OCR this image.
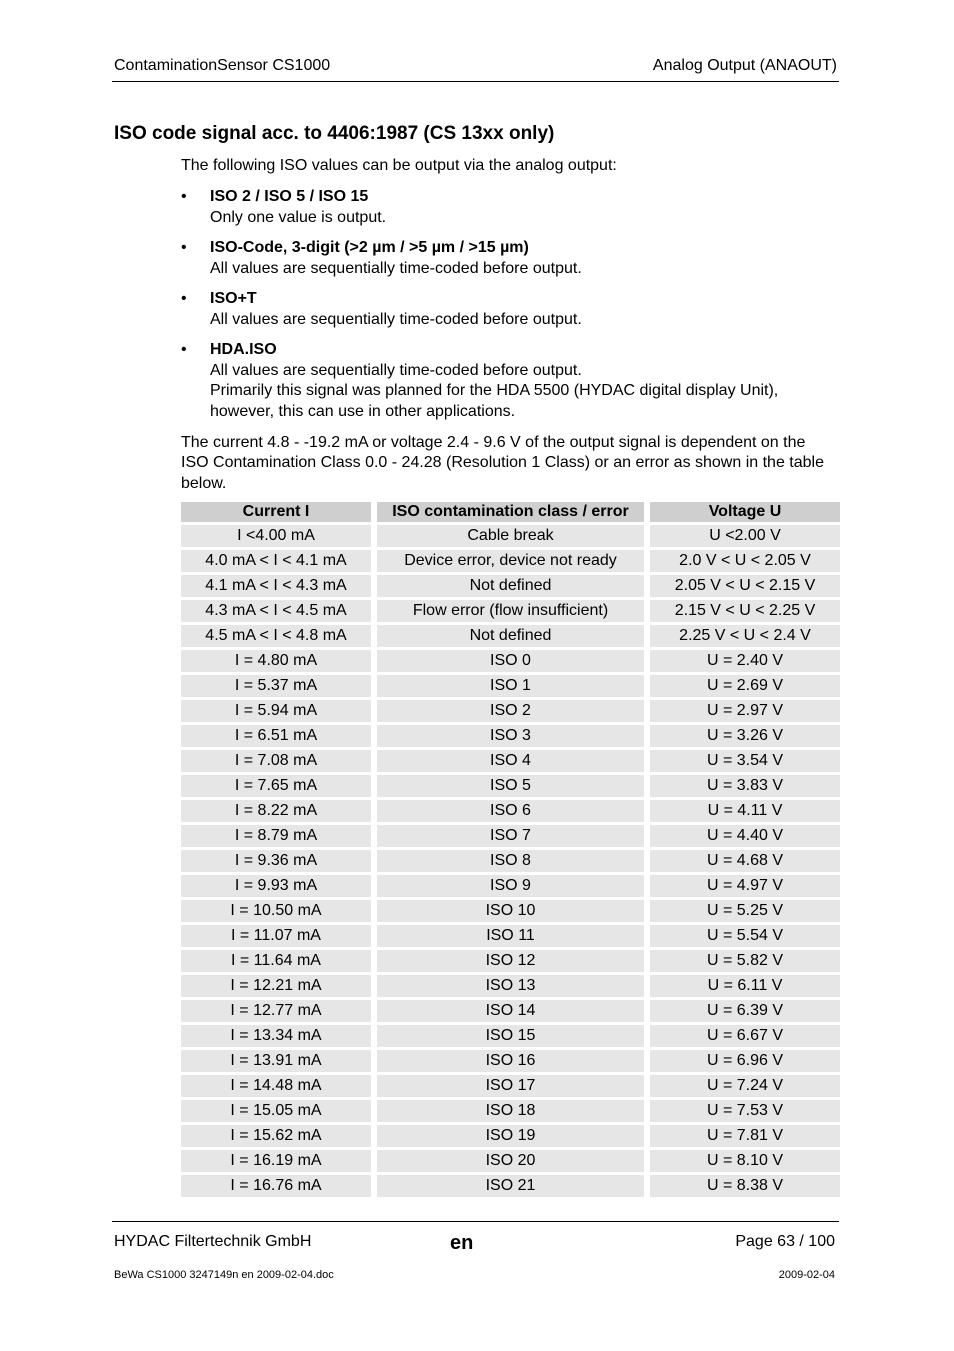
ContaminationSensor CS1000	Analog Output (ANAOUT)
ISO code signal acc. to 4406:1987 (CS 13xx only)
The following ISO values can be output via the analog output:
• ISO 2 / ISO 5 / ISO 15
Only one value is output.
• ISO-Code, 3-digit (>2 µm / >5 µm / >15 µm)
All values are sequentially time-coded before output.
• ISO+T
All values are sequentially time-coded before output.
• HDA.ISO
All values are sequentially time-coded before output.
Primarily this signal was planned for the HDA 5500 (HYDAC digital display Unit), however, this can use in other applications.
The current 4.8 - -19.2 mA or voltage 2.4 - 9.6 V of the output signal is dependent on the ISO Contamination Class 0.0 - 24.28 (Resolution 1 Class) or an error as shown in the table below.
Current I	ISO contamination class / error	Voltage U
I <4.00 mA	Cable break	U <2.00 V
4.0 mA < I < 4.1 mA	Device error, device not ready	2.0 V < U < 2.05 V
4.1 mA < I < 4.3 mA	Not defined	2.05 V < U < 2.15 V
4.3 mA < I < 4.5 mA	Flow error (flow insufficient)	2.15 V < U < 2.25 V
4.5 mA < I < 4.8 mA	Not defined	2.25 V < U < 2.4 V
I = 4.80 mA	ISO 0	U = 2.40 V
I = 5.37 mA	ISO 1	U = 2.69 V
I = 5.94 mA	ISO 2	U = 2.97 V
I = 6.51 mA	ISO 3	U = 3.26 V
I = 7.08 mA	ISO 4	U = 3.54 V
I = 7.65 mA	ISO 5	U = 3.83 V
I = 8.22 mA	ISO 6	U = 4.11 V
I = 8.79 mA	ISO 7	U = 4.40 V
I = 9.36 mA	ISO 8	U = 4.68 V
I = 9.93 mA	ISO 9	U = 4.97 V
I = 10.50 mA	ISO 10	U = 5.25 V
I = 11.07 mA	ISO 11	U = 5.54 V
I = 11.64 mA	ISO 12	U = 5.82 V
I = 12.21 mA	ISO 13	U = 6.11 V
I = 12.77 mA	ISO 14	U = 6.39 V
I = 13.34 mA	ISO 15	U = 6.67 V
I = 13.91 mA	ISO 16	U = 6.96 V
I = 14.48 mA	ISO 17	U = 7.24 V
I = 15.05 mA	ISO 18	U = 7.53 V
I = 15.62 mA	ISO 19	U = 7.81 V
I = 16.19 mA	ISO 20	U = 8.10 V
I = 16.76 mA	ISO 21	U = 8.38 V
HYDAC Filtertechnik GmbH	en	Page 63 / 100
BeWa CS1000 3247149n en 2009-02-04.doc	2009-02-04
